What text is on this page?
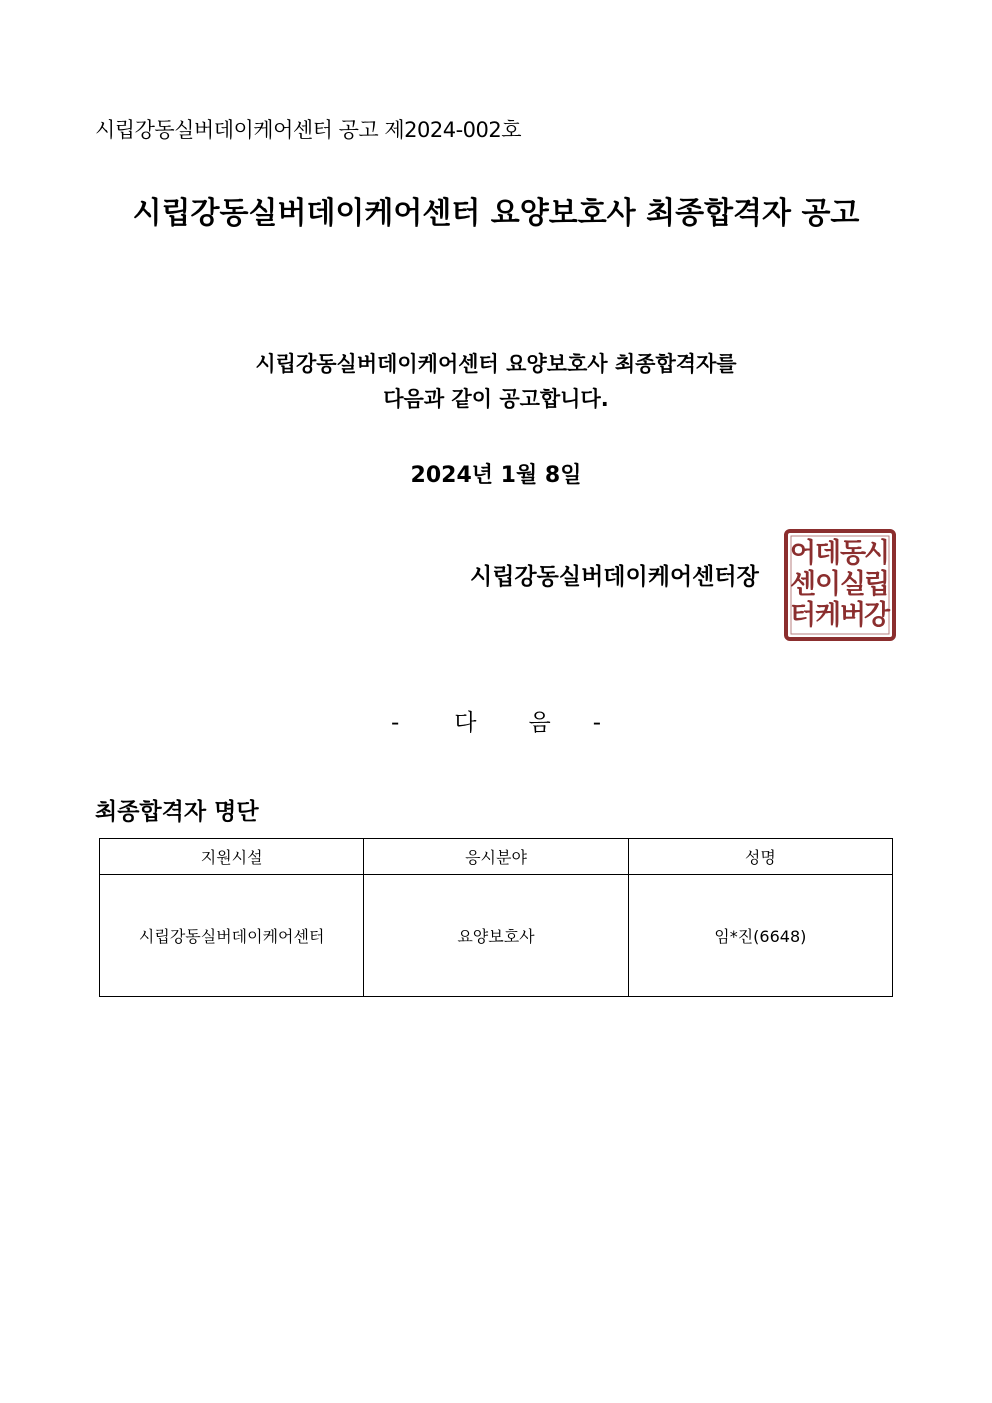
시립강동실버데이케어센터 공고 제2024-002호
시립강동실버데이케어센터 요양보호사 최종합격자 공고
시립강동실버데이케어센터 요양보호사 최종합격자를
다음과 같이 공고합니다.
2024년 1월 8일
시립강동실버데이케어센터장
시
립
강
동
실
버
데
이
케
어
센
터
- 다 음 -
최종합격자 명단
지원시설	응시분야	성명
시립강동실버데이케어센터	요양보호사	임*진(6648)
